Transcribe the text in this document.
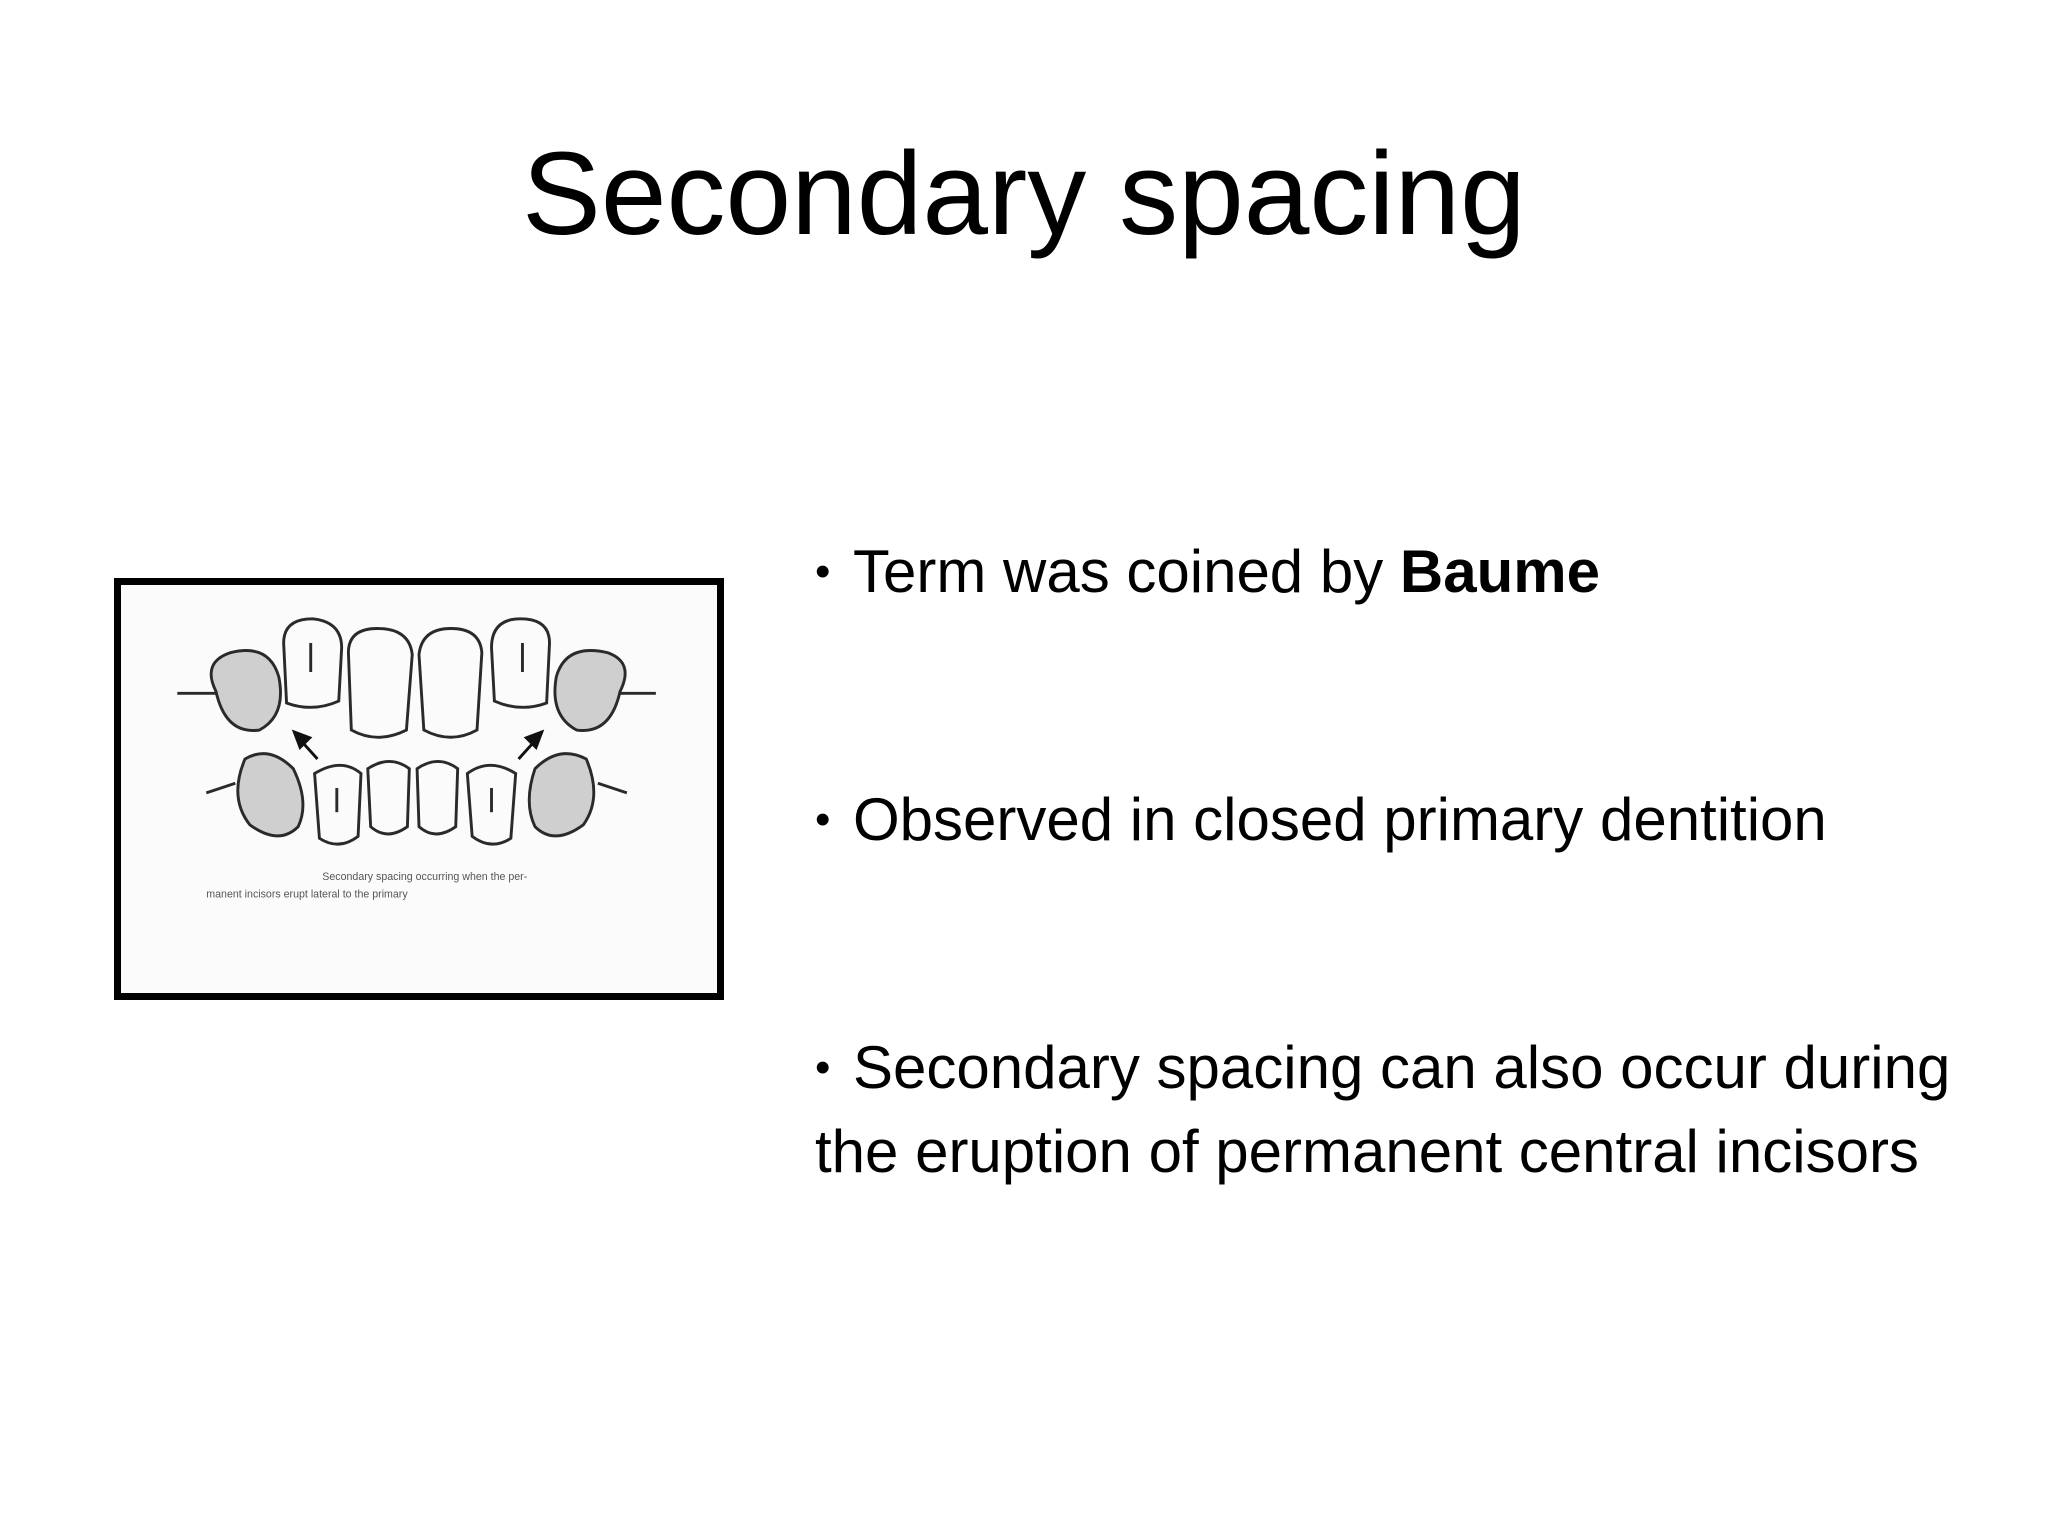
Secondary spacing
Secondary spacing occurring when the per-
manent incisors erupt lateral to the primary
• Term was coined by Baume
• Observed in closed primary dentition
• Secondary spacing can also occur during the eruption of permanent central incisors
